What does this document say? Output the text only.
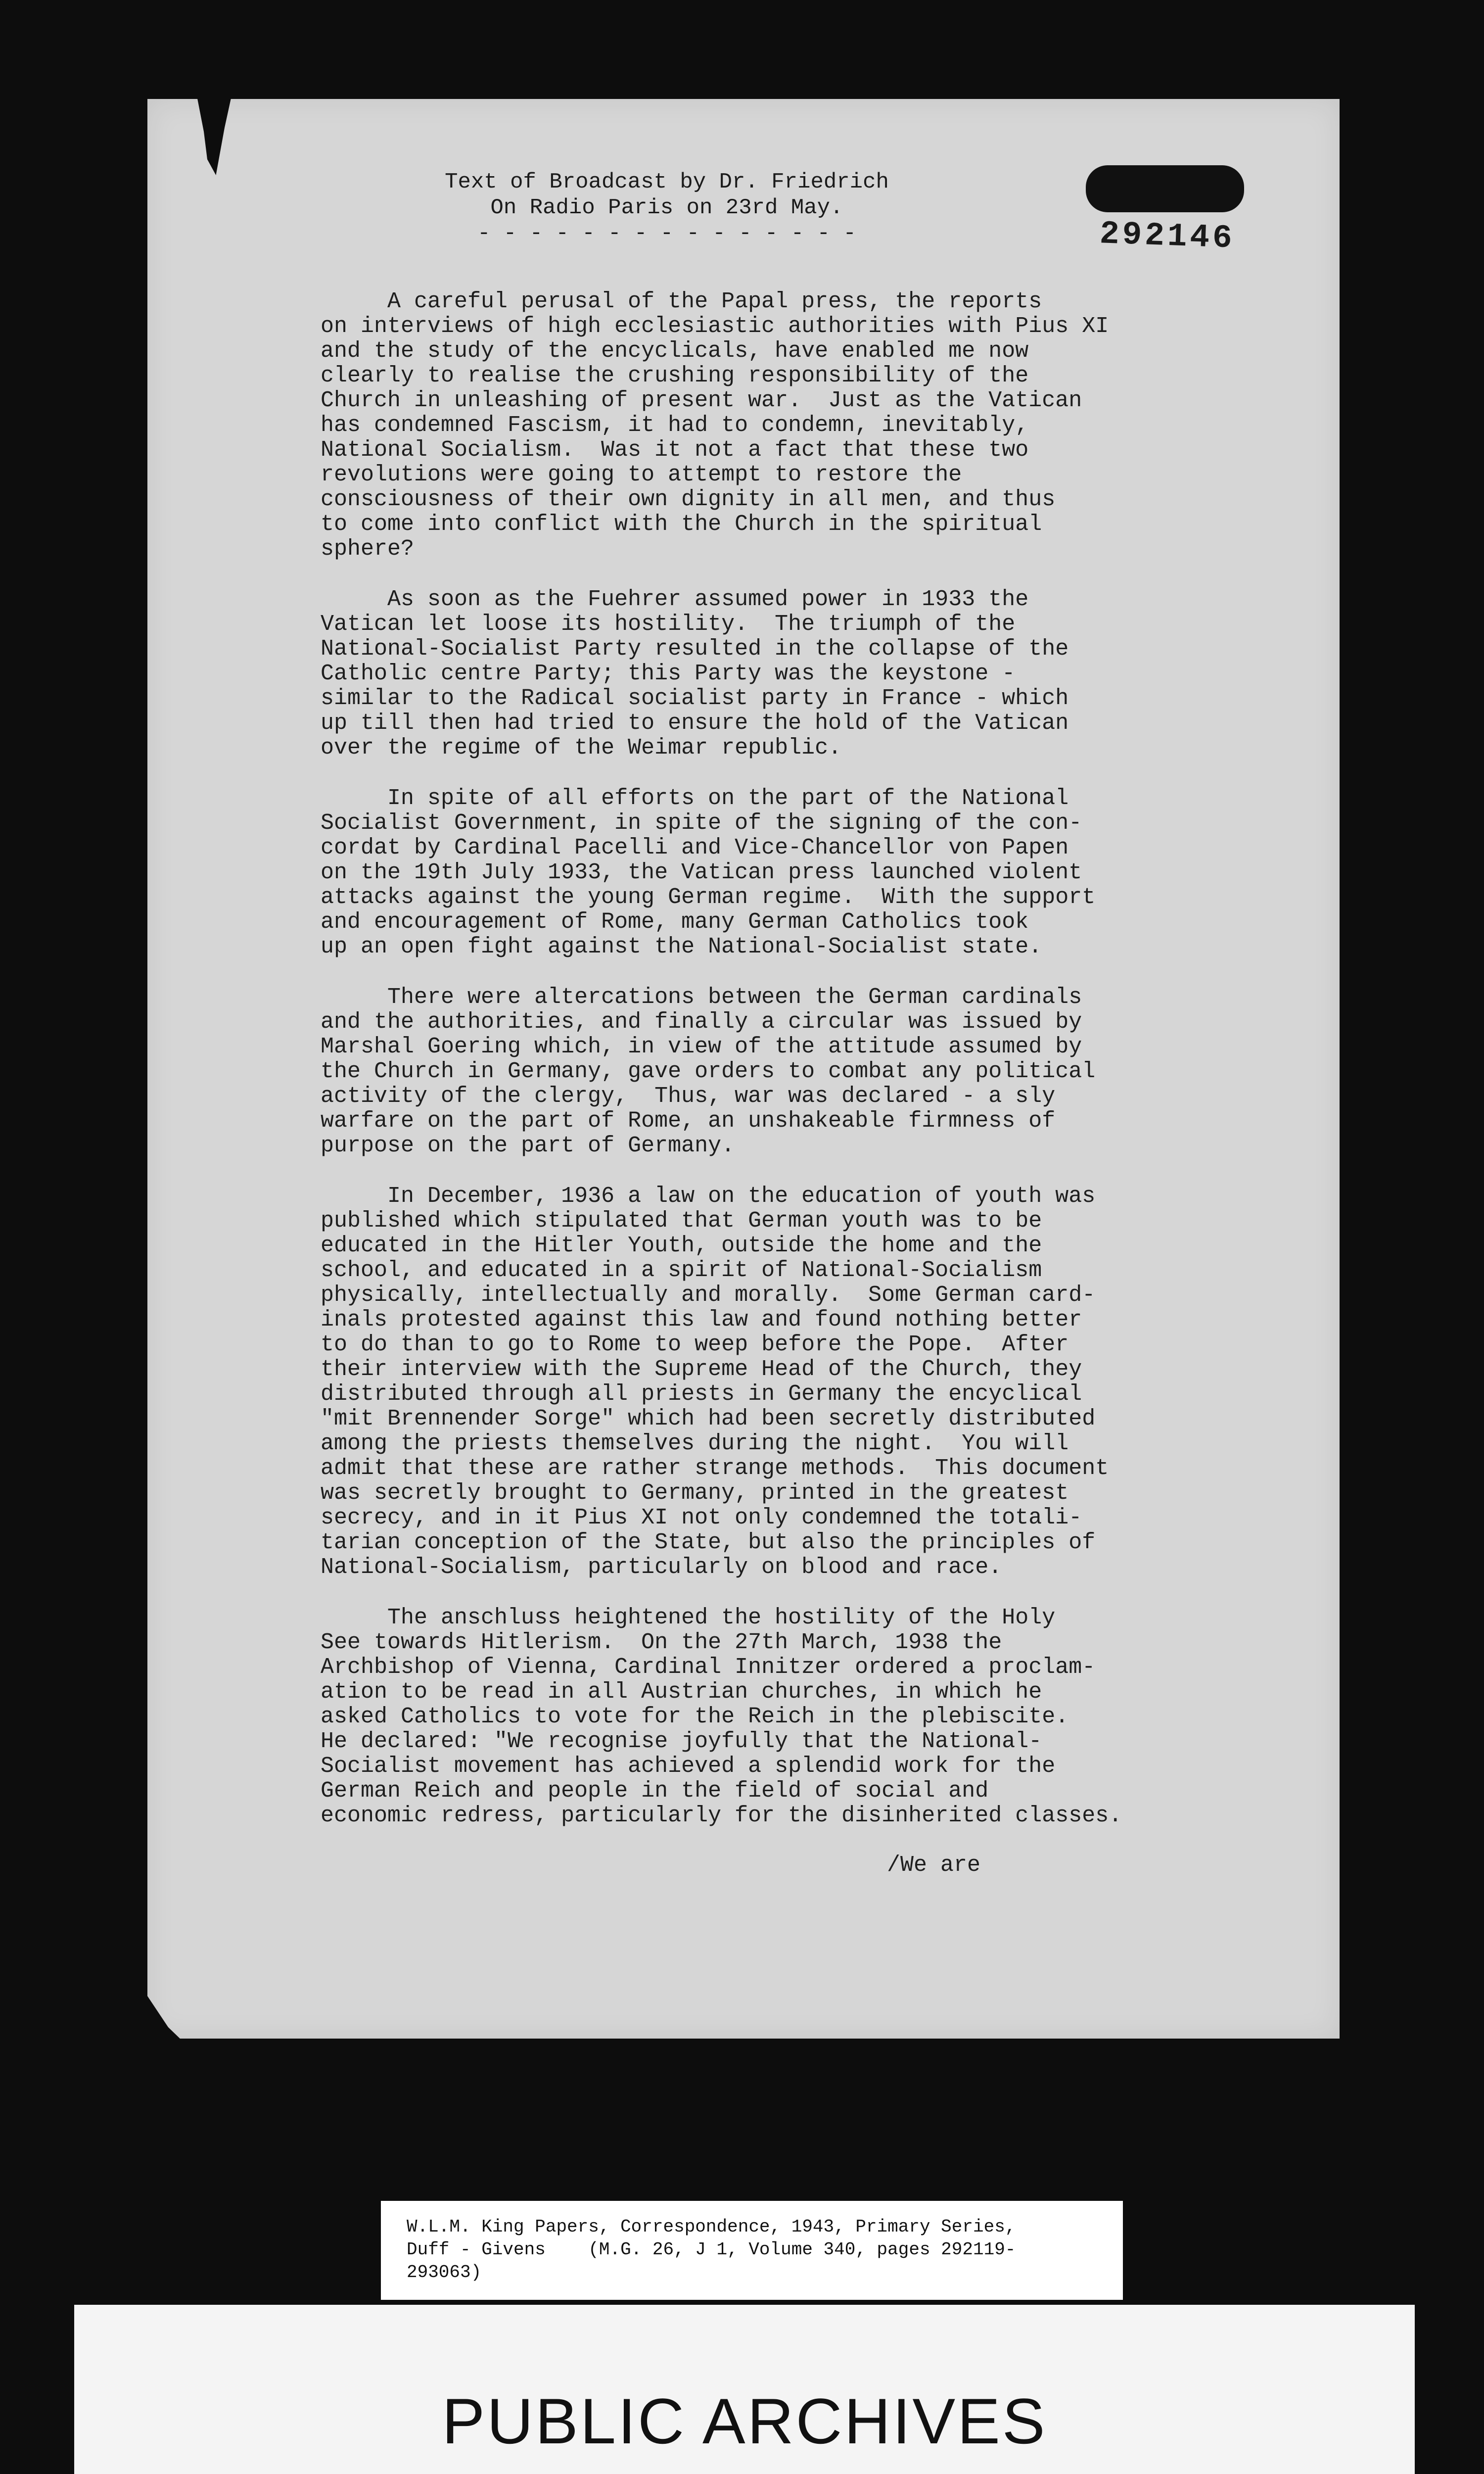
Text of Broadcast by Dr. Friedrich
On Radio Paris on 23rd May.
- - - - - - - - - - - - - - -	292146

A careful perusal of the Papal press, the reports
on interviews of high ecclesiastic authorities with Pius XI
and the study of the encyclicals, have enabled me now
clearly to realise the crushing responsibility of the
Church in unleashing of present war.  Just as the Vatican
has condemned Fascism, it had to condemn, inevitably,
National Socialism.  Was it not a fact that these two
revolutions were going to attempt to restore the
consciousness of their own dignity in all men, and thus
to come into conflict with the Church in the spiritual
sphere?

As soon as the Fuehrer assumed power in 1933 the
Vatican let loose its hostility.  The triumph of the
National-Socialist Party resulted in the collapse of the
Catholic centre Party; this Party was the keystone -
similar to the Radical socialist party in France - which
up till then had tried to ensure the hold of the Vatican
over the regime of the Weimar republic.

In spite of all efforts on the part of the National
Socialist Government, in spite of the signing of the con-
cordat by Cardinal Pacelli and Vice-Chancellor von Papen
on the 19th July 1933, the Vatican press launched violent
attacks against the young German regime.  With the support
and encouragement of Rome, many German Catholics took
up an open fight against the National-Socialist state.

There were altercations between the German cardinals
and the authorities, and finally a circular was issued by
Marshal Goering which, in view of the attitude assumed by
the Church in Germany, gave orders to combat any political
activity of the clergy,  Thus, war was declared - a sly
warfare on the part of Rome, an unshakeable firmness of
purpose on the part of Germany.

In December, 1936 a law on the education of youth was
published which stipulated that German youth was to be
educated in the Hitler Youth, outside the home and the
school, and educated in a spirit of National-Socialism
physically, intellectually and morally.  Some German card-
inals protested against this law and found nothing better
to do than to go to Rome to weep before the Pope.  After
their interview with the Supreme Head of the Church, they
distributed through all priests in Germany the encyclical
"mit Brennender Sorge" which had been secretly distributed
among the priests themselves during the night.  You will
admit that these are rather strange methods.  This document
was secretly brought to Germany, printed in the greatest
secrecy, and in it Pius XI not only condemned the totali-
tarian conception of the State, but also the principles of
National-Socialism, particularly on blood and race.

The anschluss heightened the hostility of the Holy
See towards Hitlerism.  On the 27th March, 1938 the
Archbishop of Vienna, Cardinal Innitzer ordered a proclam-
ation to be read in all Austrian churches, in which he
asked Catholics to vote for the Reich in the plebiscite.
He declared: "We recognise joyfully that the National-
Socialist movement has achieved a splendid work for the
German Reich and people in the field of social and
economic redress, particularly for the disinherited classes.

/We are
W.L.M. King Papers, Correspondence, 1943, Primary Series,
Duff - Givens    (M.G. 26, J 1, Volume 340, pages 292119-
293063)
PUBLIC ARCHIVES
